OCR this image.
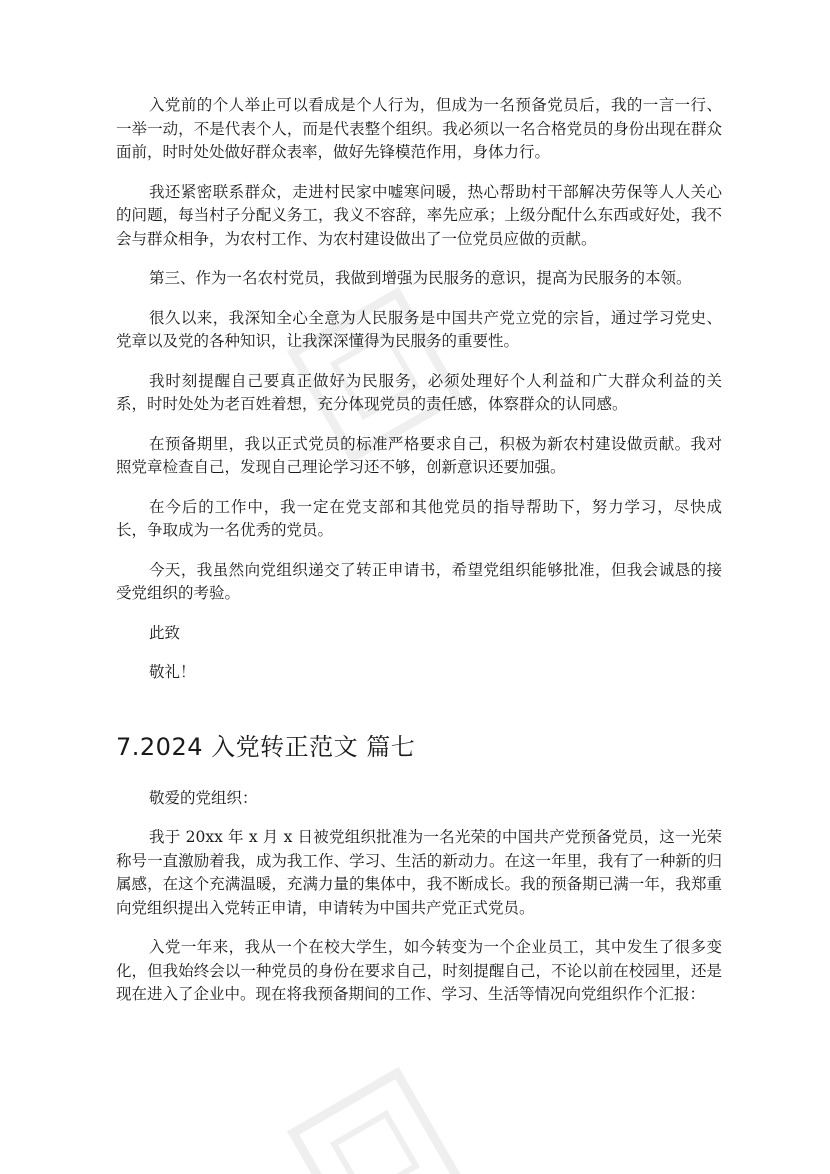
入党前的个人举止可以看成是个人行为，但成为一名预备党员后，我的一言一行、一举一动，不是代表个人，而是代表整个组织。我必须以一名合格党员的身份出现在群众面前，时时处处做好群众表率，做好先锋模范作用，身体力行。

我还紧密联系群众，走进村民家中嘘寒问暖，热心帮助村干部解决劳保等人人关心的问题，每当村子分配义务工，我义不容辞，率先应承；上级分配什么东西或好处，我不会与群众相争，为农村工作、为农村建设做出了一位党员应做的贡献。

第三、作为一名农村党员，我做到增强为民服务的意识，提高为民服务的本领。

很久以来，我深知全心全意为人民服务是中国共产党立党的宗旨，通过学习党史、党章以及党的各种知识，让我深深懂得为民服务的重要性。

我时刻提醒自己要真正做好为民服务，必须处理好个人利益和广大群众利益的关系，时时处处为老百姓着想，充分体现党员的责任感，体察群众的认同感。

在预备期里，我以正式党员的标准严格要求自己，积极为新农村建设做贡献。我对照党章检查自己，发现自己理论学习还不够，创新意识还要加强。

在今后的工作中，我一定在党支部和其他党员的指导帮助下，努力学习，尽快成长，争取成为一名优秀的党员。

今天，我虽然向党组织递交了转正申请书，希望党组织能够批准，但我会诚恳的接受党组织的考验。

此致

敬礼！

7.2024 入党转正范文 篇七

敬爱的党组织：

我于 20xx 年 x 月 x 日被党组织批准为一名光荣的中国共产党预备党员，这一光荣称号一直激励着我，成为我工作、学习、生活的新动力。在这一年里，我有了一种新的归属感，在这个充满温暖，充满力量的集体中，我不断成长。我的预备期已满一年，我郑重向党组织提出入党转正申请，申请转为中国共产党正式党员。

入党一年来，我从一个在校大学生，如今转变为一个企业员工，其中发生了很多变化，但我始终会以一种党员的身份在要求自己，时刻提醒自己，不论以前在校园里，还是现在进入了企业中。现在将我预备期间的工作、学习、生活等情况向党组织作个汇报：
